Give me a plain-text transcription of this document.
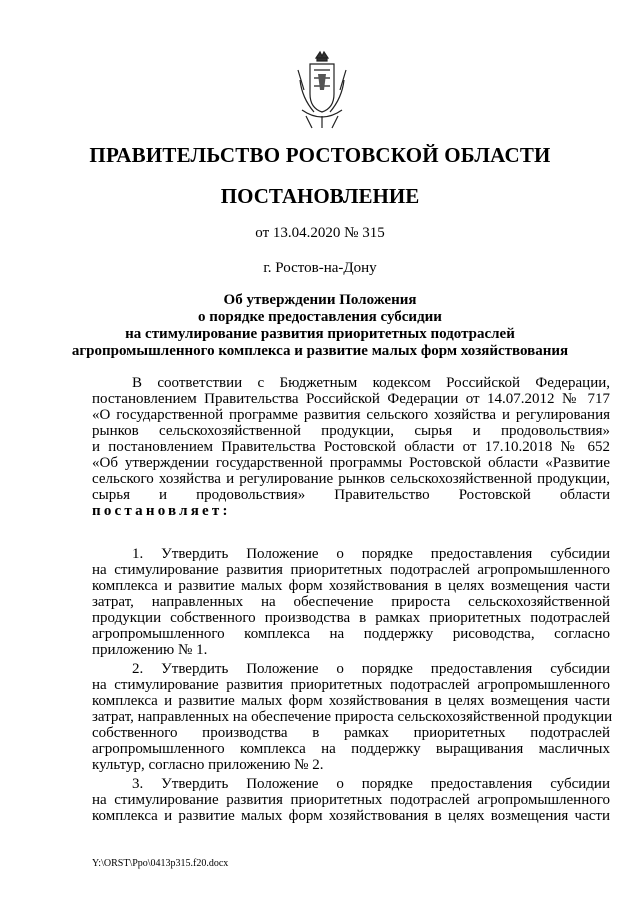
ПРАВИТЕЛЬСТВО РОСТОВСКОЙ ОБЛАСТИ
ПОСТАНОВЛЕНИЕ
от 13.04.2020 № 315
г. Ростов-на-Дону
Об утверждении Положения
о порядке предоставления субсидии
на стимулирование развития приоритетных подотраслей
агропромышленного комплекса и развитие малых форм хозяйствования
В соответствии с Бюджетным кодексом Российской Федерации,
постановлением Правительства Российской Федерации от 14.07.2012 № 717
«О государственной программе развития сельского хозяйства и регулирования
рынков сельскохозяйственной продукции, сырья и продовольствия»
и постановлением Правительства Ростовской области от 17.10.2018 № 652
«Об утверждении государственной программы Ростовской области «Развитие
сельского хозяйства и регулирование рынков сельскохозяйственной продукции,
сырья и продовольствия» Правительство Ростовской области
постановляет:
1. Утвердить Положение о порядке предоставления субсидии
на стимулирование развития приоритетных подотраслей агропромышленного
комплекса и развитие малых форм хозяйствования в целях возмещения части
затрат, направленных на обеспечение прироста сельскохозяйственной
продукции собственного производства в рамках приоритетных подотраслей
агропромышленного комплекса на поддержку рисоводства, согласно
приложению № 1.
2. Утвердить Положение о порядке предоставления субсидии
на стимулирование развития приоритетных подотраслей агропромышленного
комплекса и развитие малых форм хозяйствования в целях возмещения части
затрат, направленных на обеспечение прироста сельскохозяйственной продукции
собственного производства в рамках приоритетных подотраслей
агропромышленного комплекса на поддержку выращивания масличных
культур, согласно приложению № 2.
3. Утвердить Положение о порядке предоставления субсидии
на стимулирование развития приоритетных подотраслей агропромышленного
комплекса и развитие малых форм хозяйствования в целях возмещения части
Y:\ORST\Ppo\0413p315.f20.docx
